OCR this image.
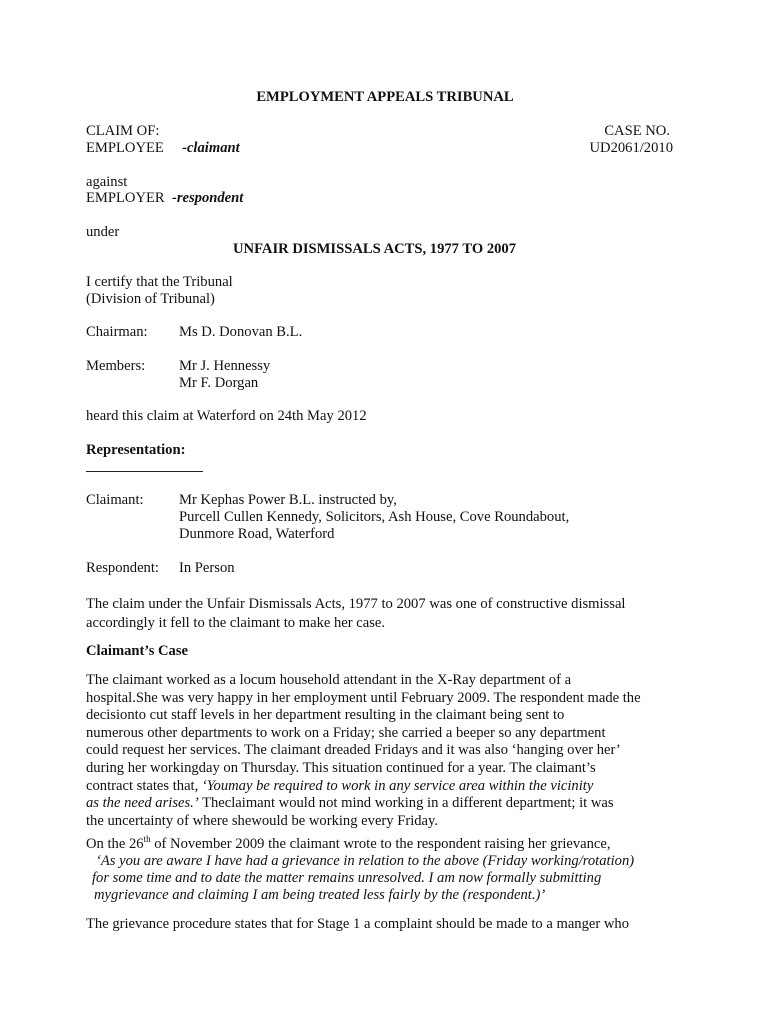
EMPLOYMENT APPEALS TRIBUNAL
CLAIM OF:	CASE NO.
EMPLOYEE -claimant	UD2061/2010
against
EMPLOYER -respondent
under
UNFAIR DISMISSALS ACTS, 1977 TO 2007
I certify that the Tribunal
(Division of Tribunal)
Chairman: Ms D. Donovan B.L.
Members: Mr J. Hennessy
Mr F. Dorgan
heard this claim at Waterford on 24th May 2012
Representation:
Claimant: Mr Kephas Power B.L. instructed by,
Purcell Cullen Kennedy, Solicitors, Ash House, Cove Roundabout,
Dunmore Road, Waterford
Respondent: In Person
The claim under the Unfair Dismissals Acts, 1977 to 2007 was one of constructive dismissal
accordingly it fell to the claimant to make her case.
Claimant’s Case
The claimant worked as a locum household attendant in the X-Ray department of a
hospital.She was very happy in her employment until February 2009. The respondent made the
decisionto cut staff levels in her department resulting in the claimant being sent to
numerous other departments to work on a Friday; she carried a beeper so any department
could request her services. The claimant dreaded Fridays and it was also ‘hanging over her’
during her workingday on Thursday. This situation continued for a year. The claimant’s
contract states that, ‘Youmay be required to work in any service area within the vicinity
as the need arises.’ Theclaimant would not mind working in a different department; it was
the uncertainty of where shewould be working every Friday.
On the 26th of November 2009 the claimant wrote to the respondent raising her grievance,
‘As you are aware I have had a grievance in relation to the above (Friday working/rotation)
for some time and to date the matter remains unresolved. I am now formally submitting
mygrievance and claiming I am being treated less fairly by the (respondent.)’
The grievance procedure states that for Stage 1 a complaint should be made to a manger who
